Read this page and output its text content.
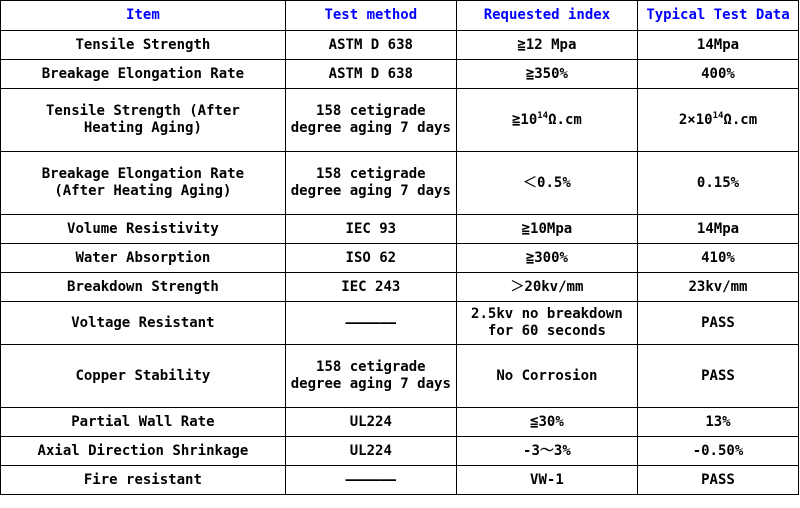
Item	Test method	Requested index	Typical Test Data
Tensile Strength	ASTM D 638	≧12 Mpa	14Mpa
Breakage Elongation Rate	ASTM D 638	≧350%	400%
Tensile Strength (After Heating Aging)	158 cetigrade degree aging 7 days	$≧10^{14}\Omega.cm$	$2\times 10^{14}\Omega.cm$
Breakage Elongation Rate (After Heating Aging)	158 cetigrade degree aging 7 days	＜0.5%	0.15%
Volume Resistivity	IEC 93	≧10Mpa	14Mpa
Water Absorption	ISO 62	≧300%	410%
Breakdown Strength	IEC 243	＞20kv/mm	23kv/mm
Voltage Resistant	——————	2.5kv no breakdown for 60 seconds	PASS
Copper Stability	158 cetigrade degree aging 7 days	No Corrosion	PASS
Partial Wall Rate	UL224	≦30%	13%
Axial Direction Shrinkage	UL224	-3～3%	-0.50%
Fire resistant	——————	VW-1	PASS
